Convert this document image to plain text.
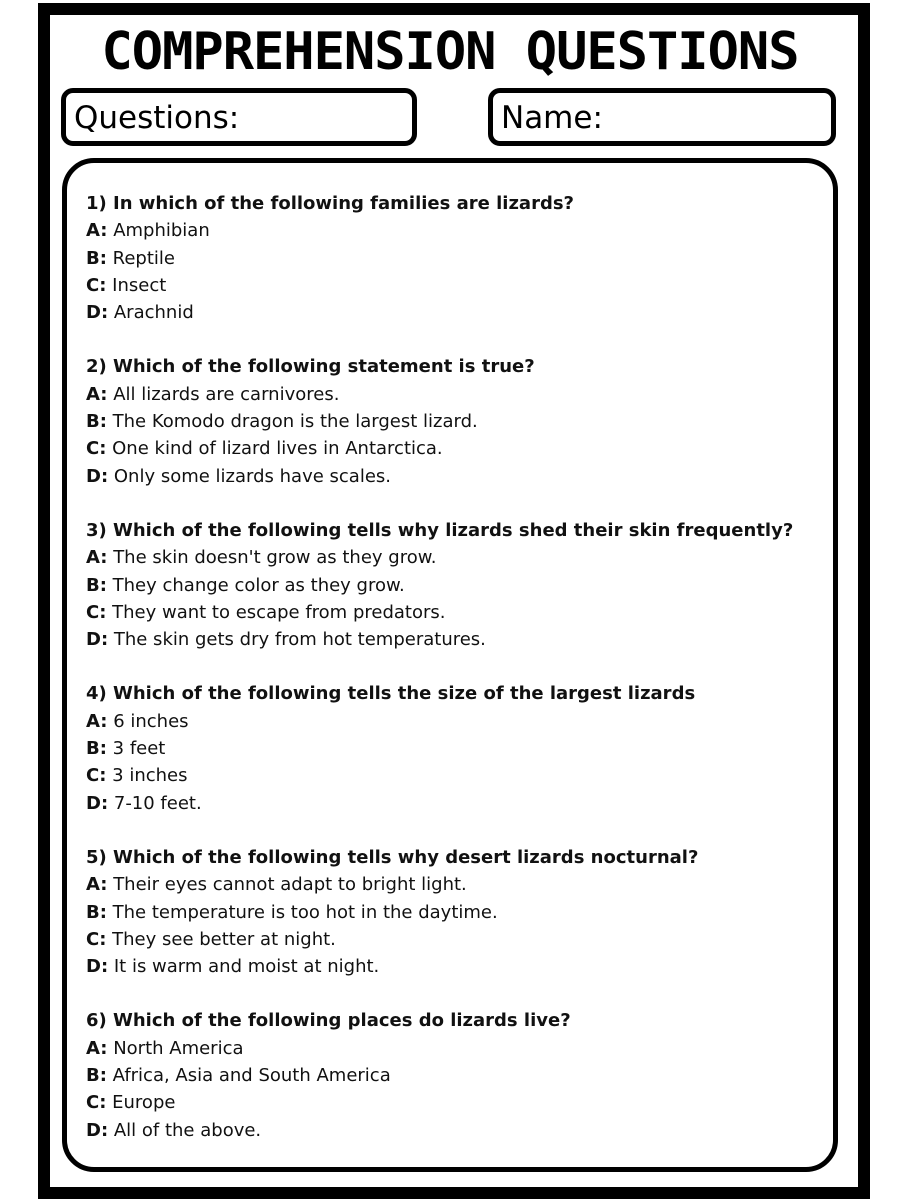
COMPREHENSION QUESTIONS
Questions:	Name:
1) In which of the following families are lizards?
A: Amphibian
B: Reptile
C: Insect
D: Arachnid
2) Which of the following statement is true?
A: All lizards are carnivores.
B: The Komodo dragon is the largest lizard.
C: One kind of lizard lives in Antarctica.
D: Only some lizards have scales.
3) Which of the following tells why lizards shed their skin frequently?
A: The skin doesn't grow as they grow.
B: They change color as they grow.
C: They want to escape from predators.
D: The skin gets dry from hot temperatures.
4) Which of the following tells the size of the largest lizards
A: 6 inches
B: 3 feet
C: 3 inches
D: 7-10 feet.
5) Which of the following tells why desert lizards nocturnal?
A: Their eyes cannot adapt to bright light.
B: The temperature is too hot in the daytime.
C: They see better at night.
D: It is warm and moist at night.
6) Which of the following places do lizards live?
A: North America
B: Africa, Asia and South America
C: Europe
D: All of the above.
